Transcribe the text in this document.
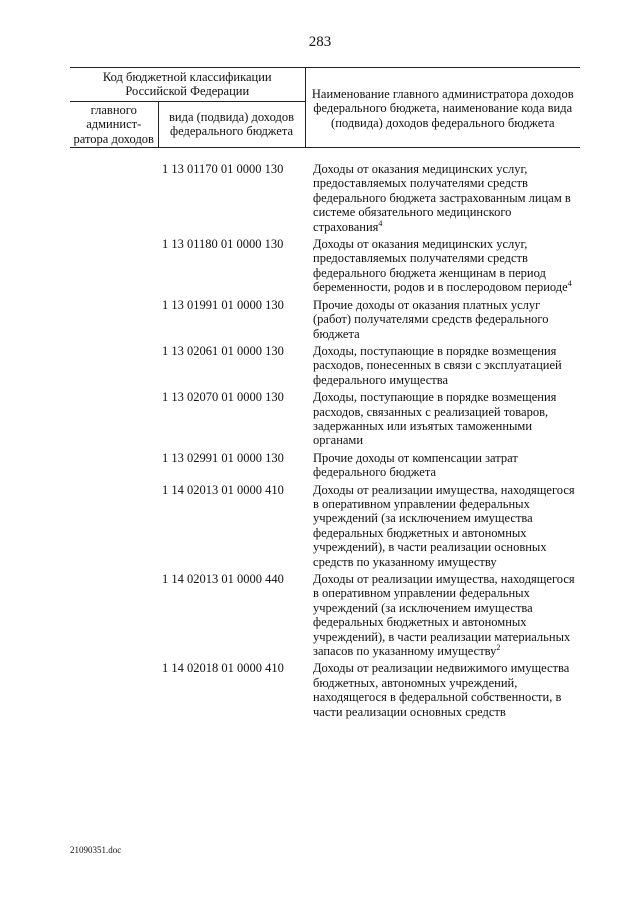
283
Код бюджетной классификации Российской Федерации		Наименование главного администратора доходов федерального бюджета, наименование кода вида (подвида) доходов федерального бюджета
главного админист-ратора доходов	вида (подвида) доходов федерального бюджета	

	1 13 01170 01 0000 130	Доходы от оказания медицинских услуг, предоставляемых получателями средств федерального бюджета застрахованным лицам в системе обязательного медицинского страхования$^4$
	1 13 01180 01 0000 130	Доходы от оказания медицинских услуг, предоставляемых получателями средств федерального бюджета женщинам в период беременности, родов и в послеродовом периоде$^4$
	1 13 01991 01 0000 130	Прочие доходы от оказания платных услуг (работ) получателями средств федерального бюджета
	1 13 02061 01 0000 130	Доходы, поступающие в порядке возмещения расходов, понесенных в связи с эксплуатацией федерального имущества
	1 13 02070 01 0000 130	Доходы, поступающие в порядке возмещения расходов, связанных с реализацией товаров, задержанных или изъятых таможенными органами
	1 13 02991 01 0000 130	Прочие доходы от компенсации затрат федерального бюджета
	1 14 02013 01 0000 410	Доходы от реализации имущества, находящегося в оперативном управлении федеральных учреждений (за исключением имущества федеральных бюджетных и автономных учреждений), в части реализации основных средств по указанному имуществу
	1 14 02013 01 0000 440	Доходы от реализации имущества, находящегося в оперативном управлении федеральных учреждений (за исключением имущества федеральных бюджетных и автономных учреждений), в части реализации материальных запасов по указанному имуществу$^2$
	1 14 02018 01 0000 410	Доходы от реализации недвижимого имущества бюджетных, автономных учреждений, находящегося в федеральной собственности, в части реализации основных средств
21090351.doc
